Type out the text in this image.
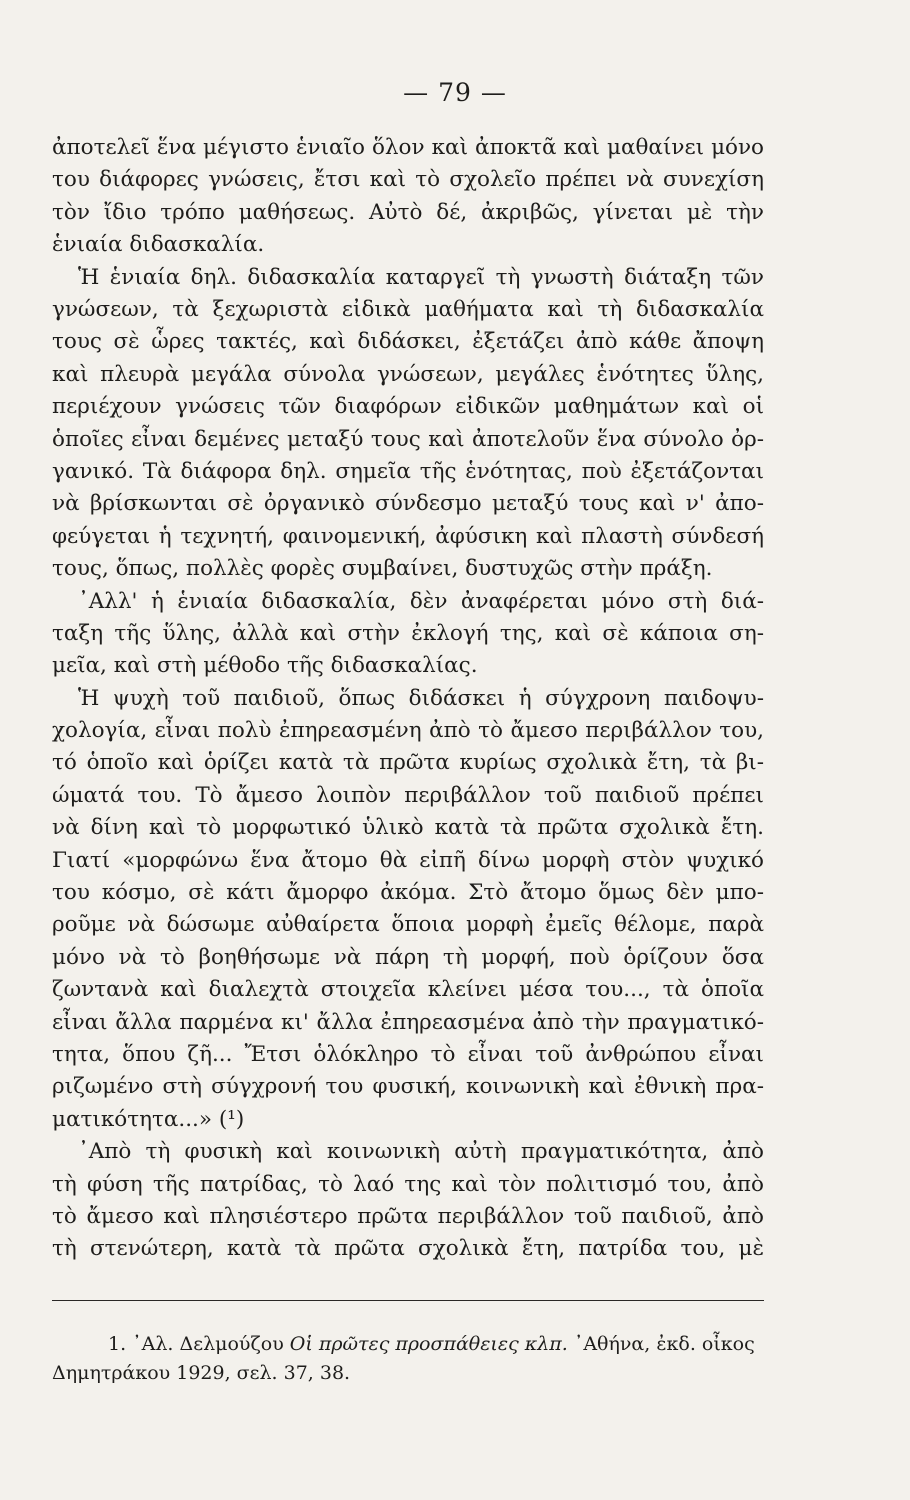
— 79 —
ἀποτελεῖ ἕνα μέγιστο ἑνιαῖο ὅλον καὶ ἀποκτᾶ καὶ μαθαίνει μόνο
του διάφορες γνώσεις, ἔτσι καὶ τὸ σχολεῖο πρέπει νὰ συνεχίση
τὸν ἴδιο τρόπο μαθήσεως. Αὐτὸ δέ, ἀκριβῶς, γίνεται μὲ τὴν
ἑνιαία διδασκαλία.
Ἡ ἑνιαία δηλ. διδασκαλία καταργεῖ τὴ γνωστὴ διάταξη τῶν
γνώσεων, τὰ ξεχωριστὰ εἰδικὰ μαθήματα καὶ τὴ διδασκαλία
τους σὲ ὧρες τακτές, καὶ διδάσκει, ἐξετάζει ἀπὸ κάθε ἄποψη
καὶ πλευρὰ μεγάλα σύνολα γνώσεων, μεγάλες ἑνότητες ὕλης,
περιέχουν γνώσεις τῶν διαφόρων εἰδικῶν μαθημάτων καὶ οἱ
ὁποῖες εἶναι δεμένες μεταξύ τους καὶ ἀποτελοῦν ἕνα σύνολο ὀρ-
γανικό. Τὰ διάφορα δηλ. σημεῖα τῆς ἑνότητας, ποὺ ἐξετάζονται
νὰ βρίσκωνται σὲ ὀργανικὸ σύνδεσμο μεταξύ τους καὶ ν' ἀπο-
φεύγεται ἡ τεχνητή, φαινομενική, ἀφύσικη καὶ πλαστὴ σύνδεσή
τους, ὅπως, πολλὲς φορὲς συμβαίνει, δυστυχῶς στὴν πράξη.
᾿Αλλ' ἡ ἑνιαία διδασκαλία, δὲν ἀναφέρεται μόνο στὴ διά-
ταξη τῆς ὕλης, ἀλλὰ καὶ στὴν ἐκλογή της, καὶ σὲ κάποια ση-
μεῖα, καὶ στὴ μέθοδο τῆς διδασκαλίας.
Ἡ ψυχὴ τοῦ παιδιοῦ, ὅπως διδάσκει ἡ σύγχρονη παιδοψυ-
χολογία, εἶναι πολὺ ἐπηρεασμένη ἀπὸ τὸ ἄμεσο περιβάλλον του,
τό ὁποῖο καὶ ὁρίζει κατὰ τὰ πρῶτα κυρίως σχολικὰ ἔτη, τὰ βι-
ώματά του. Τὸ ἄμεσο λοιπὸν περιβάλλον τοῦ παιδιοῦ πρέπει
νὰ δίνη καὶ τὸ μορφωτικό ὑλικὸ κατὰ τὰ πρῶτα σχολικὰ ἔτη.
Γιατί «μορφώνω ἕνα ἄτομο θὰ εἰπῆ δίνω μορφὴ στὸν ψυχικό
του κόσμο, σὲ κάτι ἄμορφο ἀκόμα. Στὸ ἄτομο ὅμως δὲν μπο-
ροῦμε νὰ δώσωμε αὐθαίρετα ὅποια μορφὴ ἐμεῖς θέλομε, παρὰ
μόνο νὰ τὸ βοηθήσωμε νὰ πάρη τὴ μορφή, ποὺ ὁρίζουν ὅσα
ζωντανὰ καὶ διαλεχτὰ στοιχεῖα κλείνει μέσα του..., τὰ ὁποῖα
εἶναι ἄλλα παρμένα κι' ἄλλα ἐπηρεασμένα ἀπὸ τὴν πραγματικό-
τητα, ὅπου ζῆ... Ἔτσι ὁλόκληρο τὸ εἶναι τοῦ ἀνθρώπου εἶναι
ριζωμένο στὴ σύγχρονή του φυσική, κοινωνικὴ καὶ ἐθνικὴ πρα-
ματικότητα...» (¹)
᾿Απὸ τὴ φυσικὴ καὶ κοινωνικὴ αὐτὴ πραγματικότητα, ἀπὸ
τὴ φύση τῆς πατρίδας, τὸ λαό της καὶ τὸν πολιτισμό του, ἀπὸ
τὸ ἄμεσο καὶ πλησιέστερο πρῶτα περιβάλλον τοῦ παιδιοῦ, ἀπὸ
τὴ στενώτερη, κατὰ τὰ πρῶτα σχολικὰ ἔτη, πατρίδα του, μὲ
1. ᾿Αλ. Δελμούζου Οἱ πρῶτες προσπάθειες κλπ. ᾿Αθήνα, ἐκδ. οἶκος
Δημητράκου 1929, σελ. 37, 38.
